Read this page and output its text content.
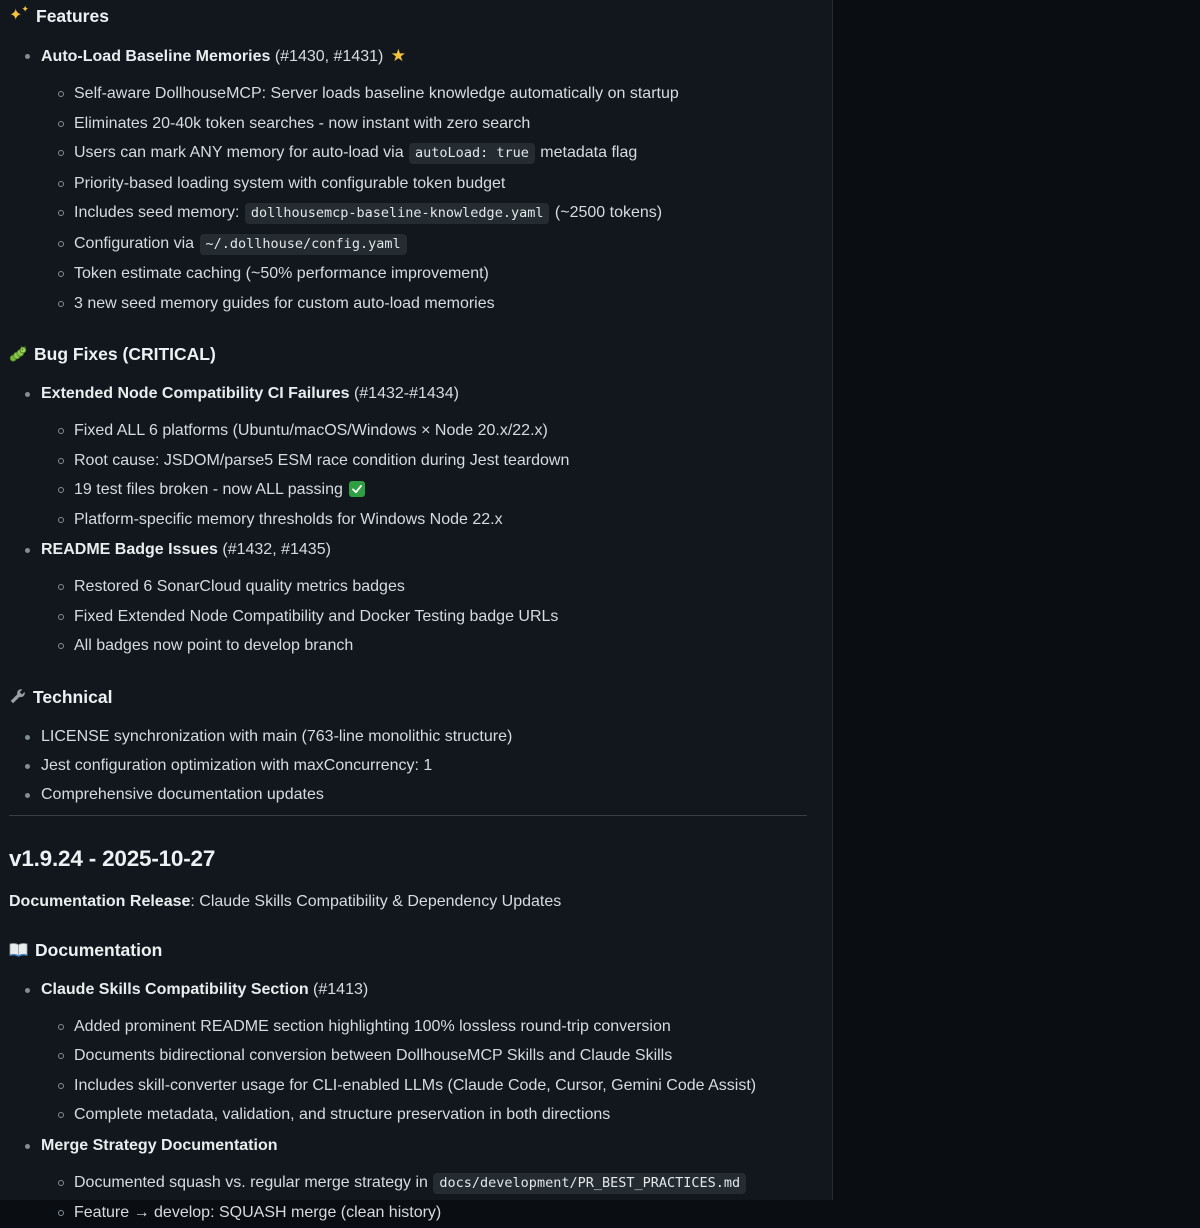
✦ ✦ Features
Auto-Load Baseline Memories (#1430, #1431) ★
Self-aware DollhouseMCP: Server loads baseline knowledge automatically on startup
Eliminates 20-40k token searches - now instant with zero search
Users can mark ANY memory for auto-load via autoLoad: true metadata flag
Priority-based loading system with configurable token budget
Includes seed memory: dollhousemcp-baseline-knowledge.yaml (~2500 tokens)
Configuration via ~/.dollhouse/config.yaml
Token estimate caching (~50% performance improvement)
3 new seed memory guides for custom auto-load memories
Bug Fixes (CRITICAL)
Extended Node Compatibility CI Failures (#1432-#1434)
Fixed ALL 6 platforms (Ubuntu/macOS/Windows × Node 20.x/22.x)
Root cause: JSDOM/parse5 ESM race condition during Jest teardown
19 test files broken - now ALL passing
Platform-specific memory thresholds for Windows Node 22.x
README Badge Issues (#1432, #1435)
Restored 6 SonarCloud quality metrics badges
Fixed Extended Node Compatibility and Docker Testing badge URLs
All badges now point to develop branch
Technical
LICENSE synchronization with main (763-line monolithic structure)
Jest configuration optimization with maxConcurrency: 1
Comprehensive documentation updates
v1.9.24 - 2025-10-27

Documentation Release: Claude Skills Compatibility & Dependency Updates

Documentation
Claude Skills Compatibility Section (#1413)
Added prominent README section highlighting 100% lossless round-trip conversion
Documents bidirectional conversion between DollhouseMCP Skills and Claude Skills
Includes skill-converter usage for CLI-enabled LLMs (Claude Code, Cursor, Gemini Code Assist)
Complete metadata, validation, and structure preservation in both directions
Merge Strategy Documentation
Documented squash vs. regular merge strategy in docs/development/PR_BEST_PRACTICES.md
Feature → develop: SQUASH merge (clean history)
